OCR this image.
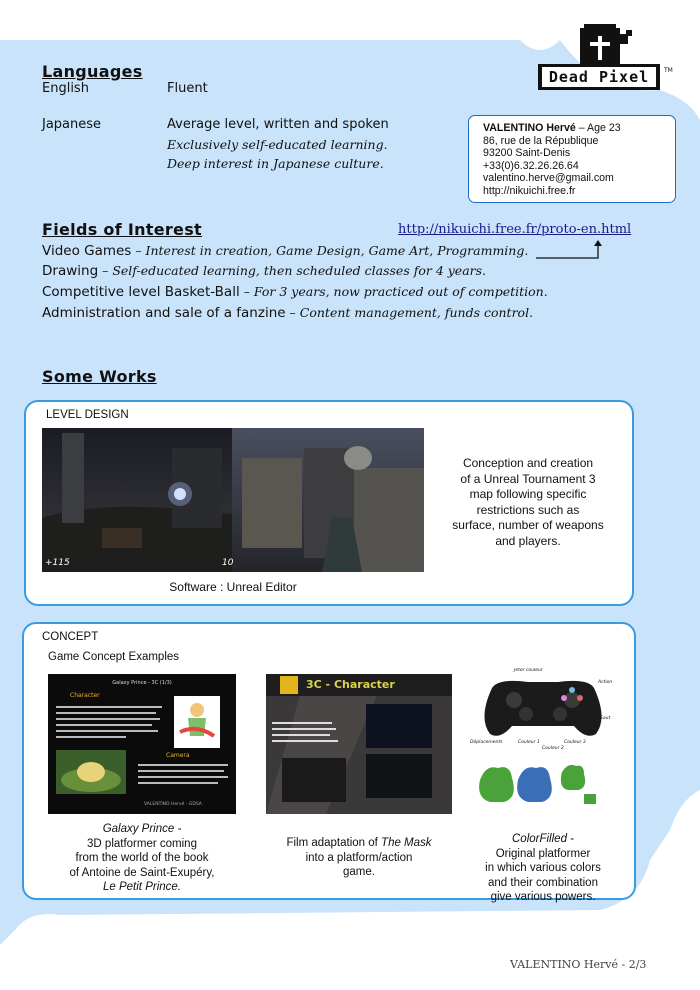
Languages
English	Fluent
Japanese	Average level, written and spoken
Exclusively self-educated learning.
Deep interest in Japanese culture.
Dead Pixel	TM
VALENTINO Hervé – Age 23
86, rue de la République
93200 Saint-Denis
+33(0)6.32.26.26.64
valentino.herve@gmail.com
http://nikuichi.free.fr
Fields of Interest	http://nikuichi.free.fr/proto-en.html
Video Games – Interest in creation, Game Design, Game Art, Programming.
Drawing – Self-educated learning, then scheduled classes for 4 years.
Competitive level Basket-Ball – For 3 years, now practiced out of competition.
Administration and sale of a fanzine – Content management, funds control.
Some Works
LEVEL DESIGN
+115	10
Software : Unreal Editor
Conception and creation
of a Unreal Tournament 3
map following specific
restrictions such as
surface, number of weapons
and players.
CONCEPT
Game Concept Examples
Galaxy Prince - 3C (1/3)
Character
Camera
VALENTINO Hervé - GDSA
Galaxy Prince -
3D platformer coming
from the world of the book
of Antoine de Saint-Exupéry,
Le Petit Prince.
3C - Character
Film adaptation of The Mask
into a platform/action
game.
Jeter couleur
Action
Saut
Déplacements	Couleur 1
Couleur 2
Couleur 3
ColorFilled -
Original platformer
in which various colors
and their combination
give various powers.
VALENTINO Hervé - 2/3
